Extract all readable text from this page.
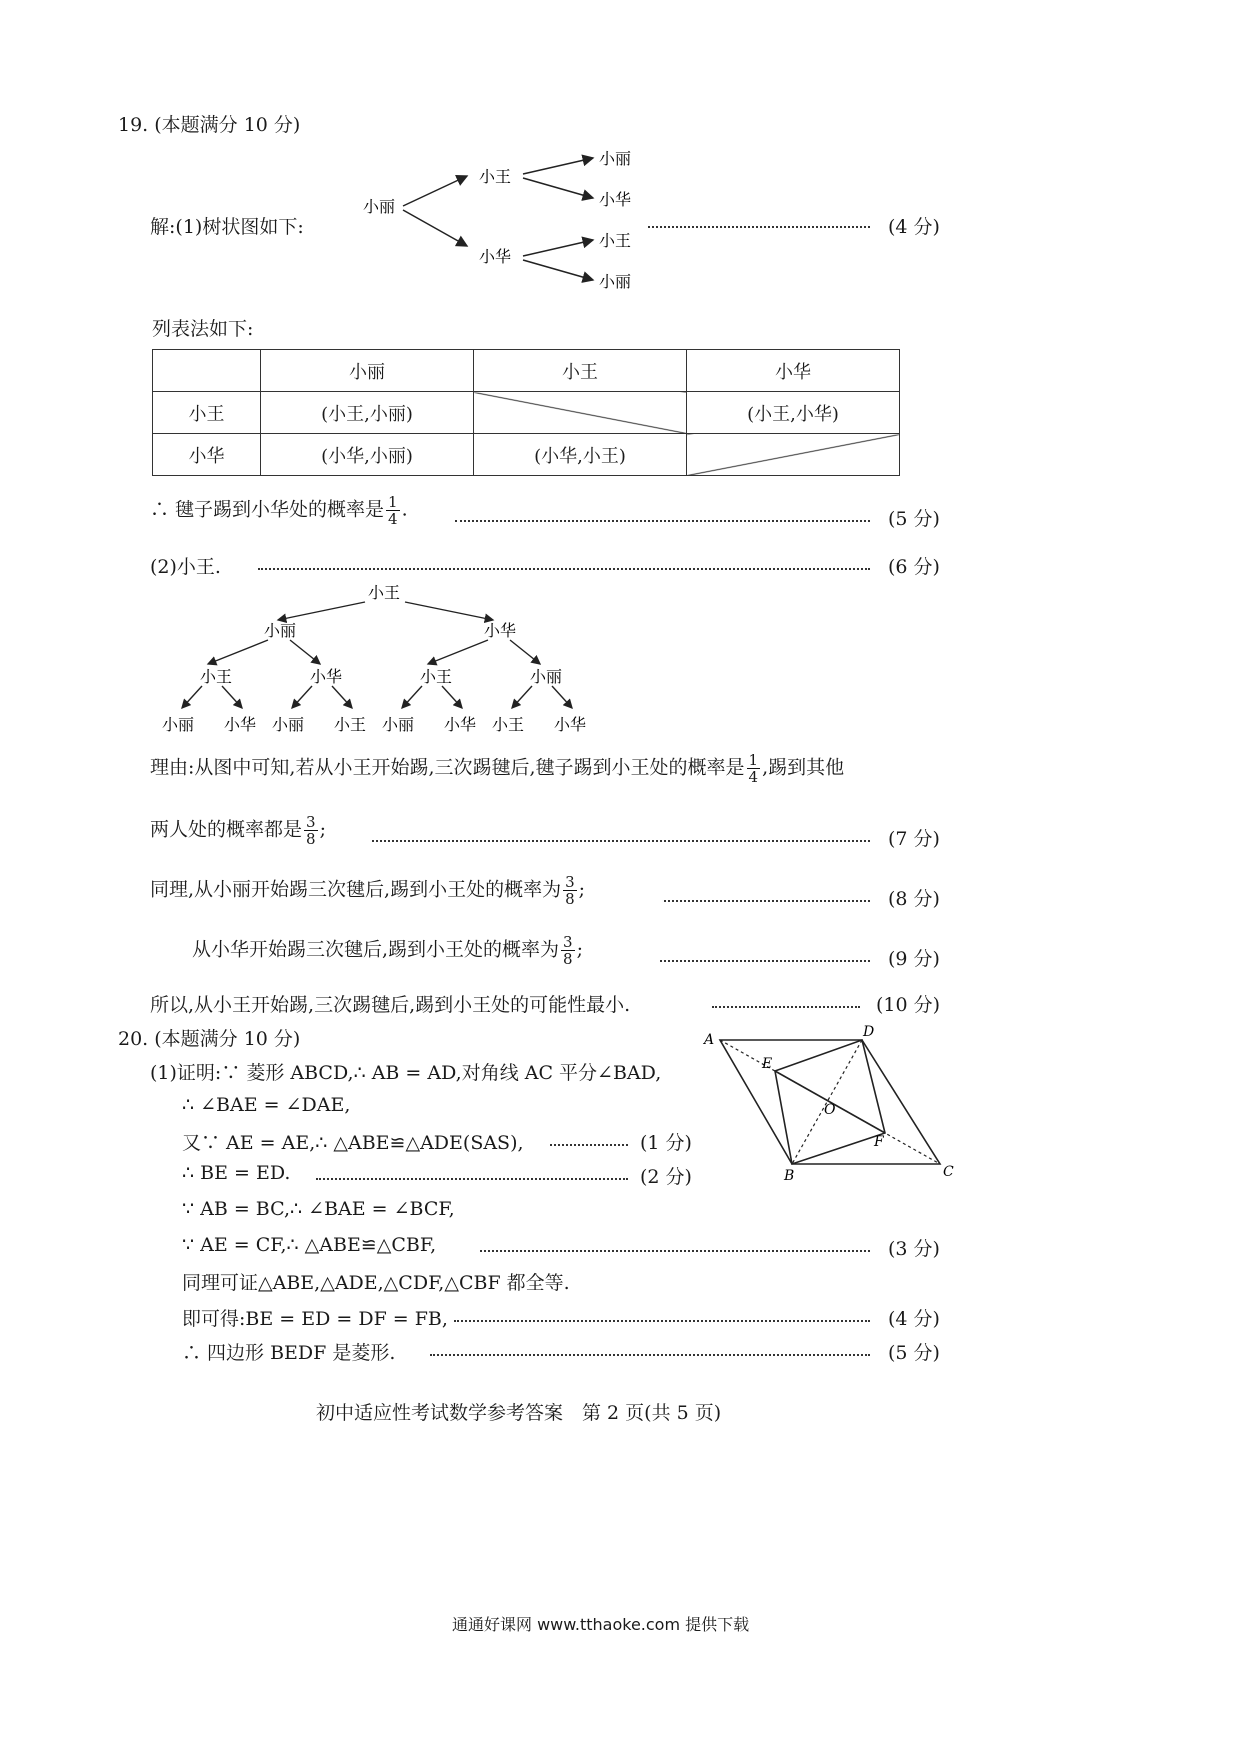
19. (本题满分 10 分)
解:(1)树状图如下:
小丽
小王
小华
小丽
小华
小王
小丽
(4 分)
列表法如下:
	小丽	小王	小华
小王	(小王,小丽)		(小王,小华)
小华	(小华,小丽)	(小华,小王)	
∴ 毽子踢到小华处的概率是 $\frac{1}{4}$ .	(5 分)
(2)小王.	(6 分)
小王
小丽	小华
小王	小华	小王	小丽
小丽 小华 小丽 小王 小丽 小华 小王 小华
理由:从图中可知,若从小王开始踢,三次踢毽后,毽子踢到小王处的概率是 $\frac{1}{4}$ ,踢到其他
两人处的概率都是 $\frac{3}{8}$ ;	(7 分)
同理,从小丽开始踢三次毽后,踢到小王处的概率为 $\frac{3}{8}$ ;	(8 分)
从小华开始踢三次毽后,踢到小王处的概率为 $\frac{3}{8}$ ;	(9 分)
所以,从小王开始踢,三次踢毽后,踢到小王处的可能性最小.	(10 分)
20. (本题满分 10 分)
(1)证明:∵ 菱形 ABCD,∴ AB = AD,对角线 AC 平分∠BAD,
∴ ∠BAE = ∠DAE,
又∵ AE = AE,∴ △ABE≌△ADE(SAS),	(1 分)
∴ BE = ED.	(2 分)
∵ AB = BC,∴ ∠BAE = ∠BCF,
∵ AE = CF,∴ △ABE≌△CBF,	(3 分)
同理可证△ABE,△ADE,△CDF,△CBF 都全等.
即可得:BE = ED = DF = FB,	(4 分)
∴ 四边形 BEDF 是菱形.	(5 分)
A	D
E
O
F
B	C
初中适应性考试数学参考答案　第 2 页(共 5 页)
通通好课网 www.tthaoke.com 提供下载
